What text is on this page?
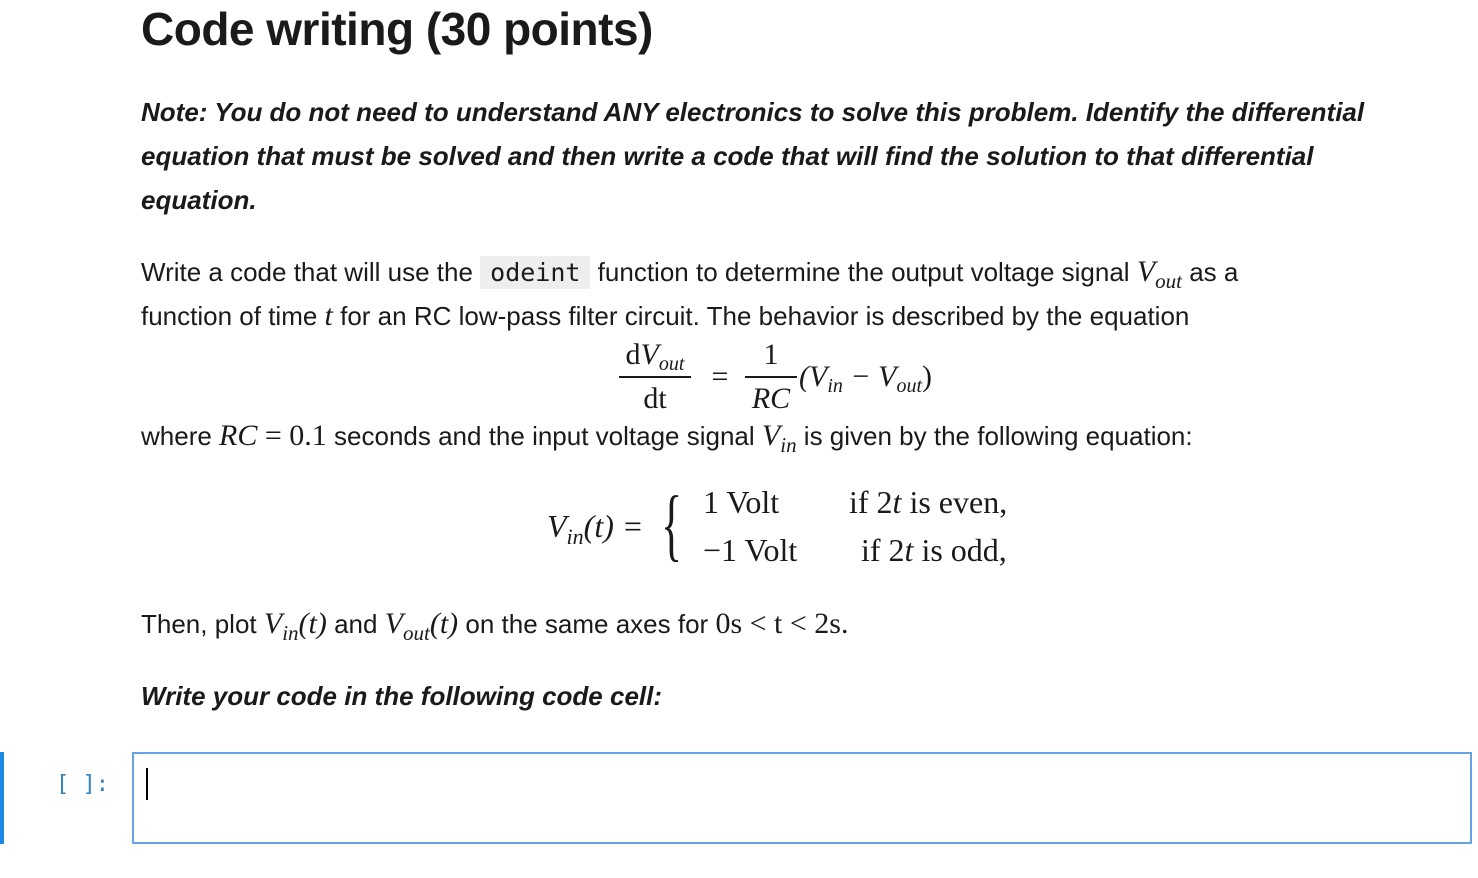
Code writing (30 points)

Note: You do not need to understand ANY electronics to solve this problem. Identify the differential equation that must be solved and then write a code that will find the solution to that differential equation.

Write a code that will use the odeint function to determine the output voltage signal $V_{out}$ as a

function of time t for an RC low-pass filter circuit. The behavior is described by the equation

where RC = 0.1 seconds and the input voltage signal $V_{in}$ is given by the following equation:

Then, plot $V_{in}(t)$ and $V_{out}(t)$ on the same axes for 0s < t < 2s.

Write your code in the following code cell:

$dV_{out}$
dt
=
1
RC
$(V_{in} - V_{out})$
$V_{in}(t)$ = { 1 Volt
−1 Volt
if 2t is even,
if 2t is odd,
[ ]:
